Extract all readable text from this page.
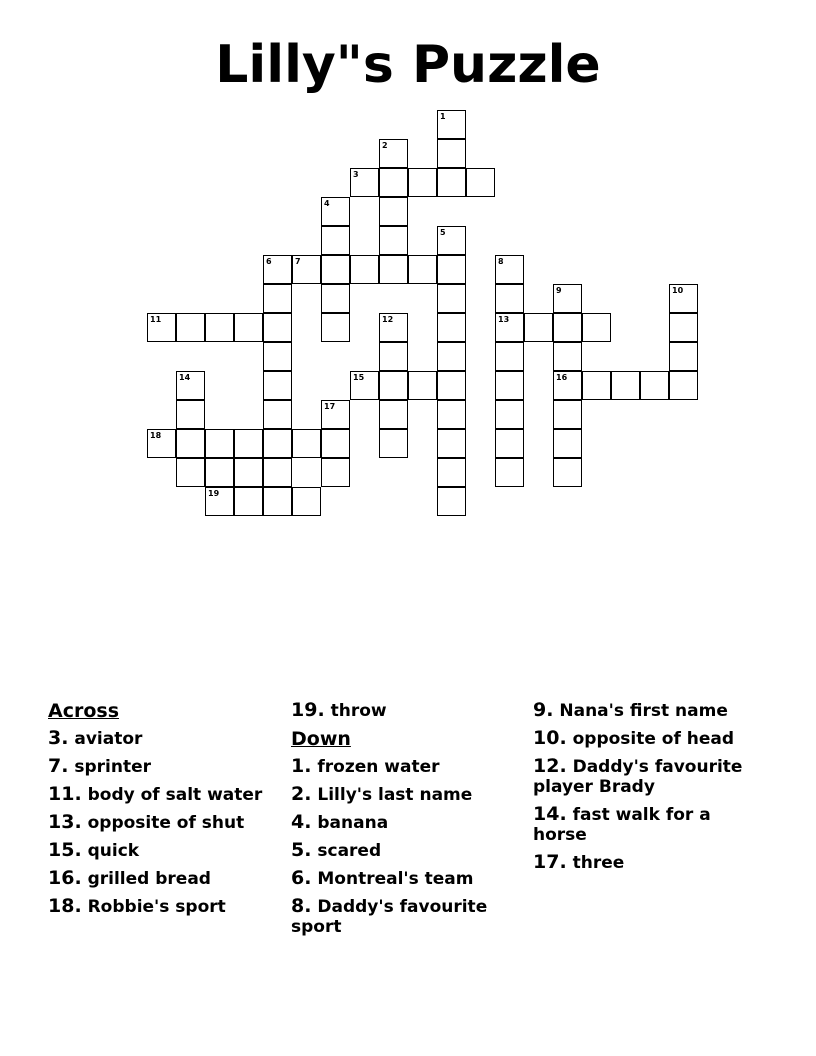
Lilly"s Puzzle
1
2
3
4
5
6	7	8
9	10
11	12	13
14	15	16
17
18
19
Across
3. aviator
7. sprinter
11. body of salt water
13. opposite of shut
15. quick
16. grilled bread
18. Robbie's sport
19. throw
Down
1. frozen water
2. Lilly's last name
4. banana
5. scared
6. Montreal's team
8. Daddy's favourite sport
9. Nana's first name
10. opposite of head
12. Daddy's favourite player Brady
14. fast walk for a horse
17. three
